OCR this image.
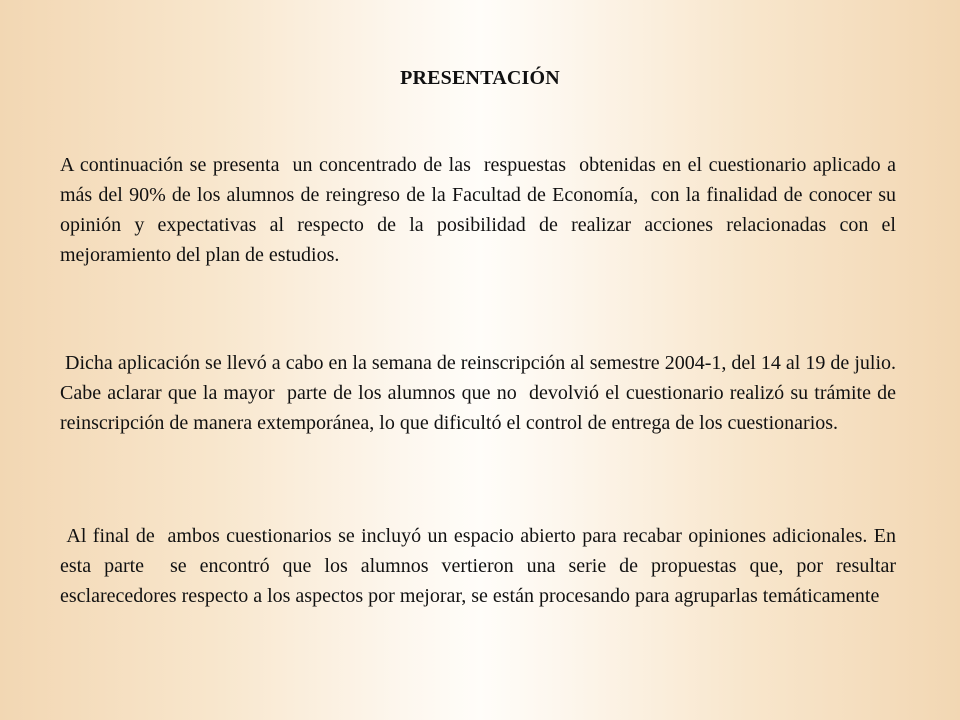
PRESENTACIÓN

A continuación se presenta  un concentrado de las  respuestas  obtenidas en el cuestionario aplicado a más del 90% de los alumnos de reingreso de la Facultad de Economía,  con la finalidad de conocer su opinión y expectativas al respecto de la posibilidad de realizar acciones relacionadas con el mejoramiento del plan de estudios.

Dicha aplicación se llevó a cabo en la semana de reinscripción al semestre 2004-1, del 14 al 19 de julio.  Cabe aclarar que la mayor  parte de los alumnos que no  devolvió el cuestionario realizó su trámite de reinscripción de manera extemporánea, lo que dificultó el control de entrega de los cuestionarios.

Al final de  ambos cuestionarios se incluyó un espacio abierto para recabar opiniones adicionales. En esta parte  se encontró que los alumnos vertieron una serie de propuestas que, por resultar esclarecedores respecto a los aspectos por mejorar, se están procesando para agruparlas temáticamente
